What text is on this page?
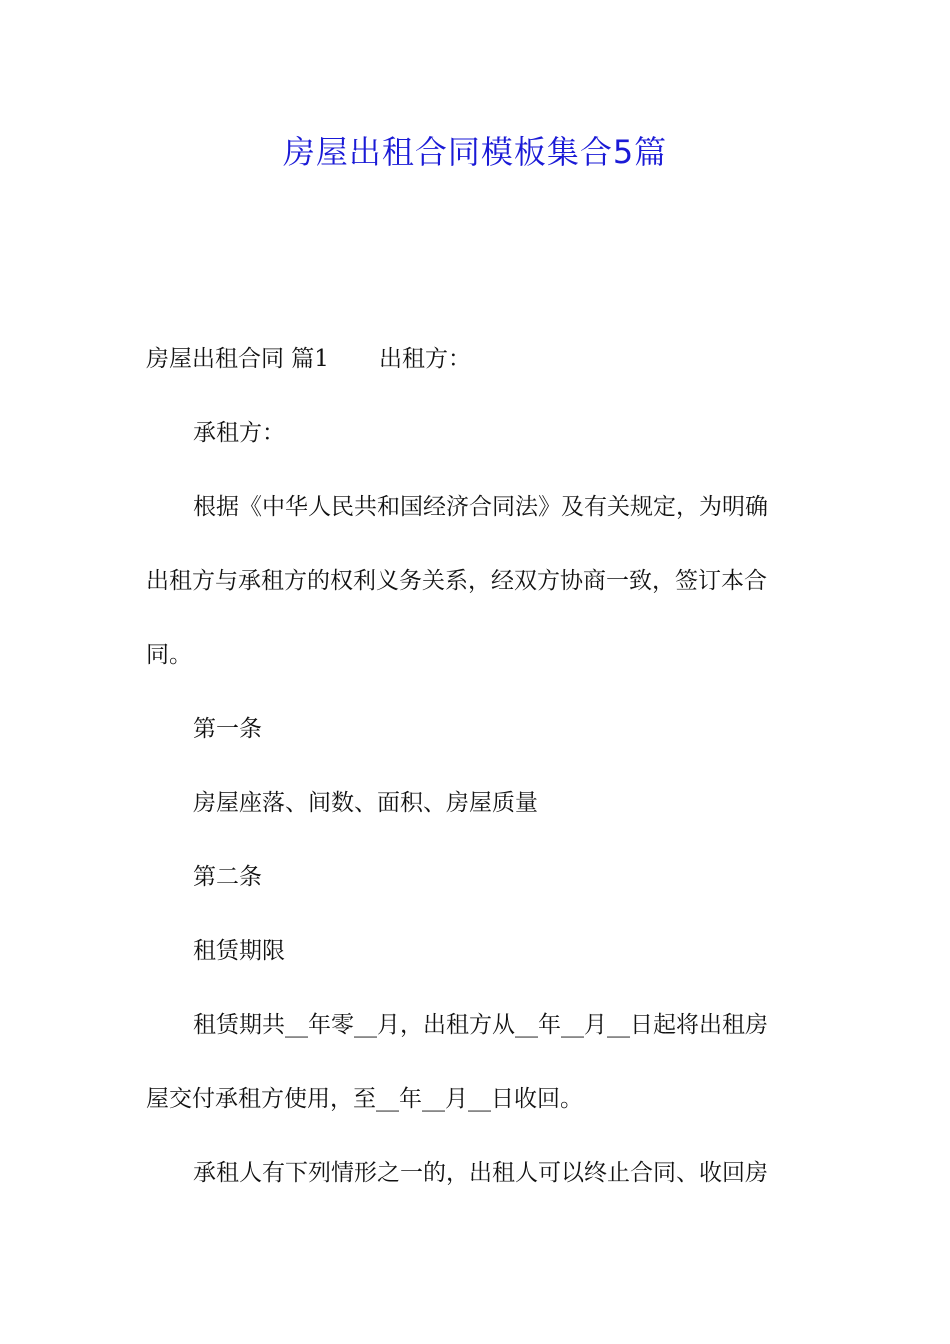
房屋出租合同模板集合5篇
房屋出租合同 篇1 出租方：
承租方：
根据《中华人民共和国经济合同法》及有关规定，为明确
出租方与承租方的权利义务关系，经双方协商一致，签订本合
同。
第一条
房屋座落、间数、面积、房屋质量
第二条
租赁期限
租赁期共__年零__月，出租方从__年__月__日起将出租房
屋交付承租方使用，至__年__月__日收回。
承租人有下列情形之一的，出租人可以终止合同、收回房
